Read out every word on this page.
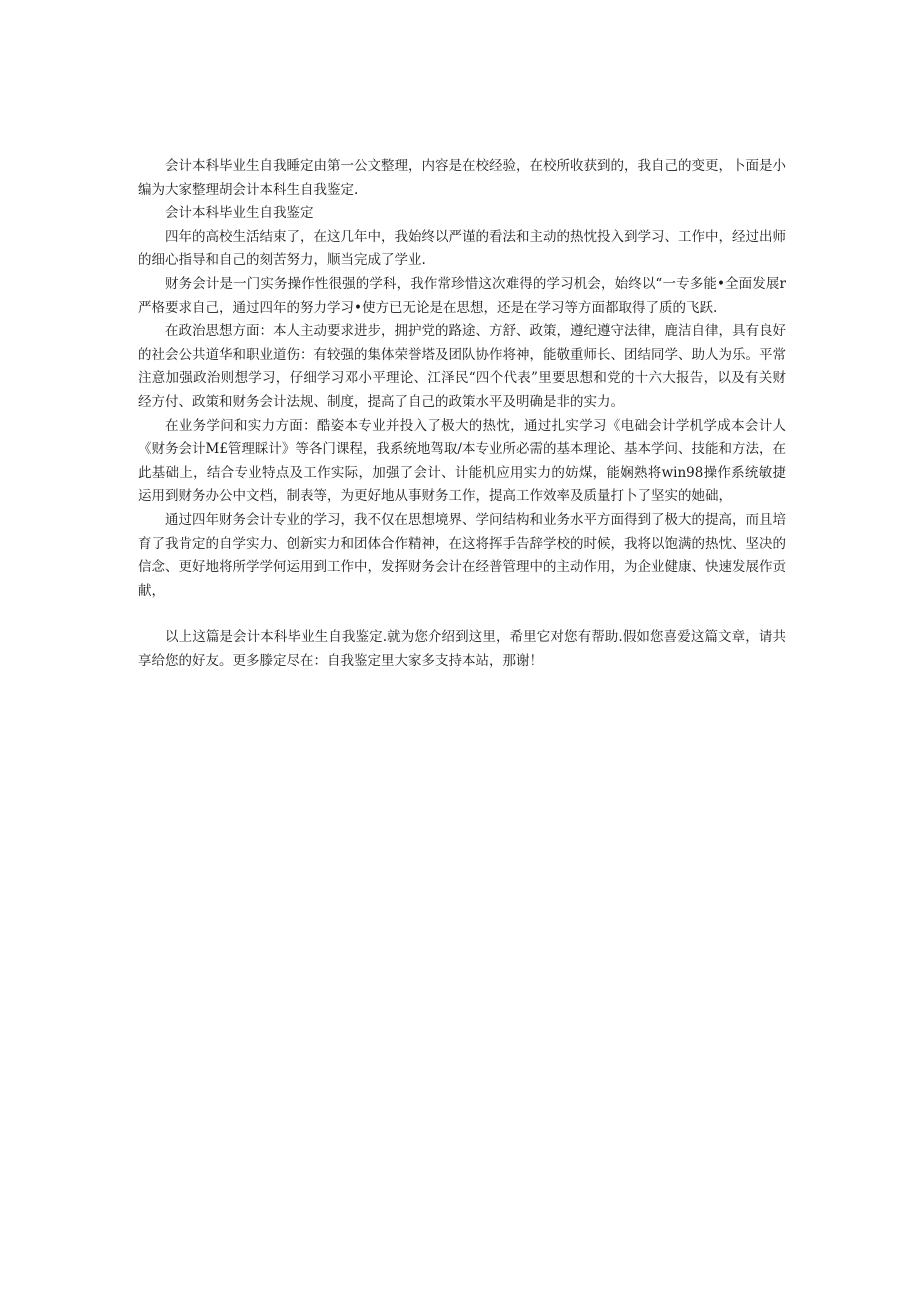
会计本科毕业生自我睡定由第一公文整理，内容是在校经验，在校所收获到的，我自己的变更，卜面是小编为大家整理胡会计本科生自我鉴定.

会计本科毕业生自我鉴定

四年的高校生活结束了，在这几年中，我始终以严谨的看法和主动的热忱投入到学习、工作中，经过出师的细心指导和自己的刻苦努力，顺当完成了学业.

财务会计是一门实务操作性很强的学科，我作常珍惜这次难得的学习机会，始终以“一专多能•全面发展r严格要求自己，通过四年的努力学习•使方已无论是在思想，还是在学习等方面都取得了质的飞跃.

在政治思想方面：本人主动要求进步，拥护党的路途、方舒、政策，遵纪遵守法律，鹿洁自律，具有良好的社会公共道华和职业道伤：有较强的集体荣誉塔及团队协作将神，能敬重师长、团结同学、助人为乐。平常注意加强政治则想学习，仔细学习邓小平理论、江泽民“四个代表”里要思想和党的十六大报告，以及有关财经方付、政策和财务会计法规、制度，提高了自己的政策水平及明确是非的实力。

在业务学问和实力方面：酷姿本专业并投入了极大的热忱，通过扎实学习《电础会计学机学成本会计人《财务会计M£管理睬计》等各门课程，我系统地驾取/本专业所必需的基本理论、基本学问、技能和方法，在此基础上，结合专业特点及工作实际，加强了会计、计能机应用实力的妨煤，能娴熟将win98操作系统敏捷运用到财务办公中文档，制表等，为更好地从事财务工作，提高工作效率及质量打卜了坚实的她础，

通过四年财务会计专业的学习，我不仅在思想境界、学问结构和业务水平方面得到了极大的提高，而且培育了我肯定的自学实力、创新实力和团体合作精神，在这将挥手告辞学校的时候，我将以饱满的热忱、坚决的信念、更好地将所学学何运用到工作中，发挥财务会计在经普管理中的主动作用，为企业健康、快速发展作贡献，

以上这篇是会计本科毕业生自我鉴定.就为您介绍到这里，希里它对您有帮助.假如您喜爱这篇文章，请共享给您的好友。更多滕定尽在：自我鉴定里大家多支持本站，那谢！
